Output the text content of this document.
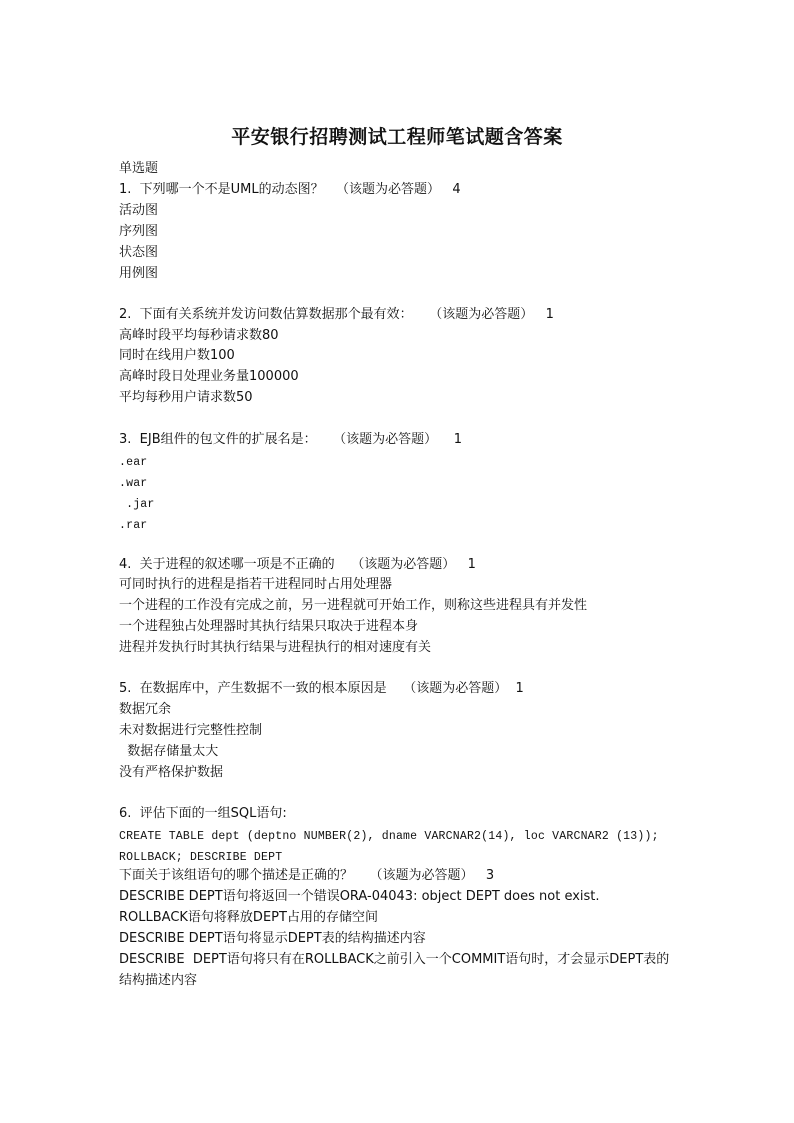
平安银行招聘测试工程师笔试题含答案
单选题
1.  下列哪一个不是UML的动态图？   （该题为必答题）   4
活动图
序列图
状态图
用例图
2.  下面有关系统并发访问数估算数据那个最有效：    （该题为必答题）   1
高峰时段平均每秒请求数80
同时在线用户数100
高峰时段日处理业务量100000
平均每秒用户请求数50
3.  EJB组件的包文件的扩展名是：    （该题为必答题）    1
.ear
.war
.jar
.rar
4.  关于进程的叙述哪一项是不正确的    （该题为必答题）   1
可同时执行的进程是指若干进程同时占用处理器
一个进程的工作没有完成之前，另一进程就可开始工作，则称这些进程具有并发性
一个进程独占处理器时其执行结果只取决于进程本身
进程并发执行时其执行结果与进程执行的相对速度有关
5.  在数据库中，产生数据不一致的根本原因是    （该题为必答题）  1
数据冗余
未对数据进行完整性控制
数据存储量太大
没有严格保护数据
6.  评估下面的一组SQL语句:
CREATE TABLE dept (deptno NUMBER(2), dname VARCNAR2(14), loc VARCNAR2 (13));
ROLLBACK; DESCRIBE DEPT
下面关于该组语句的哪个描述是正确的？    （该题为必答题）   3
DESCRIBE DEPT语句将返回一个错误ORA-04043: object DEPT does not exist.
ROLLBACK语句将释放DEPT占用的存储空间
DESCRIBE DEPT语句将显示DEPT表的结构描述内容
DESCRIBE  DEPT语句将只有在ROLLBACK之前引入一个COMMIT语句时，才会显示DEPT表的
结构描述内容
